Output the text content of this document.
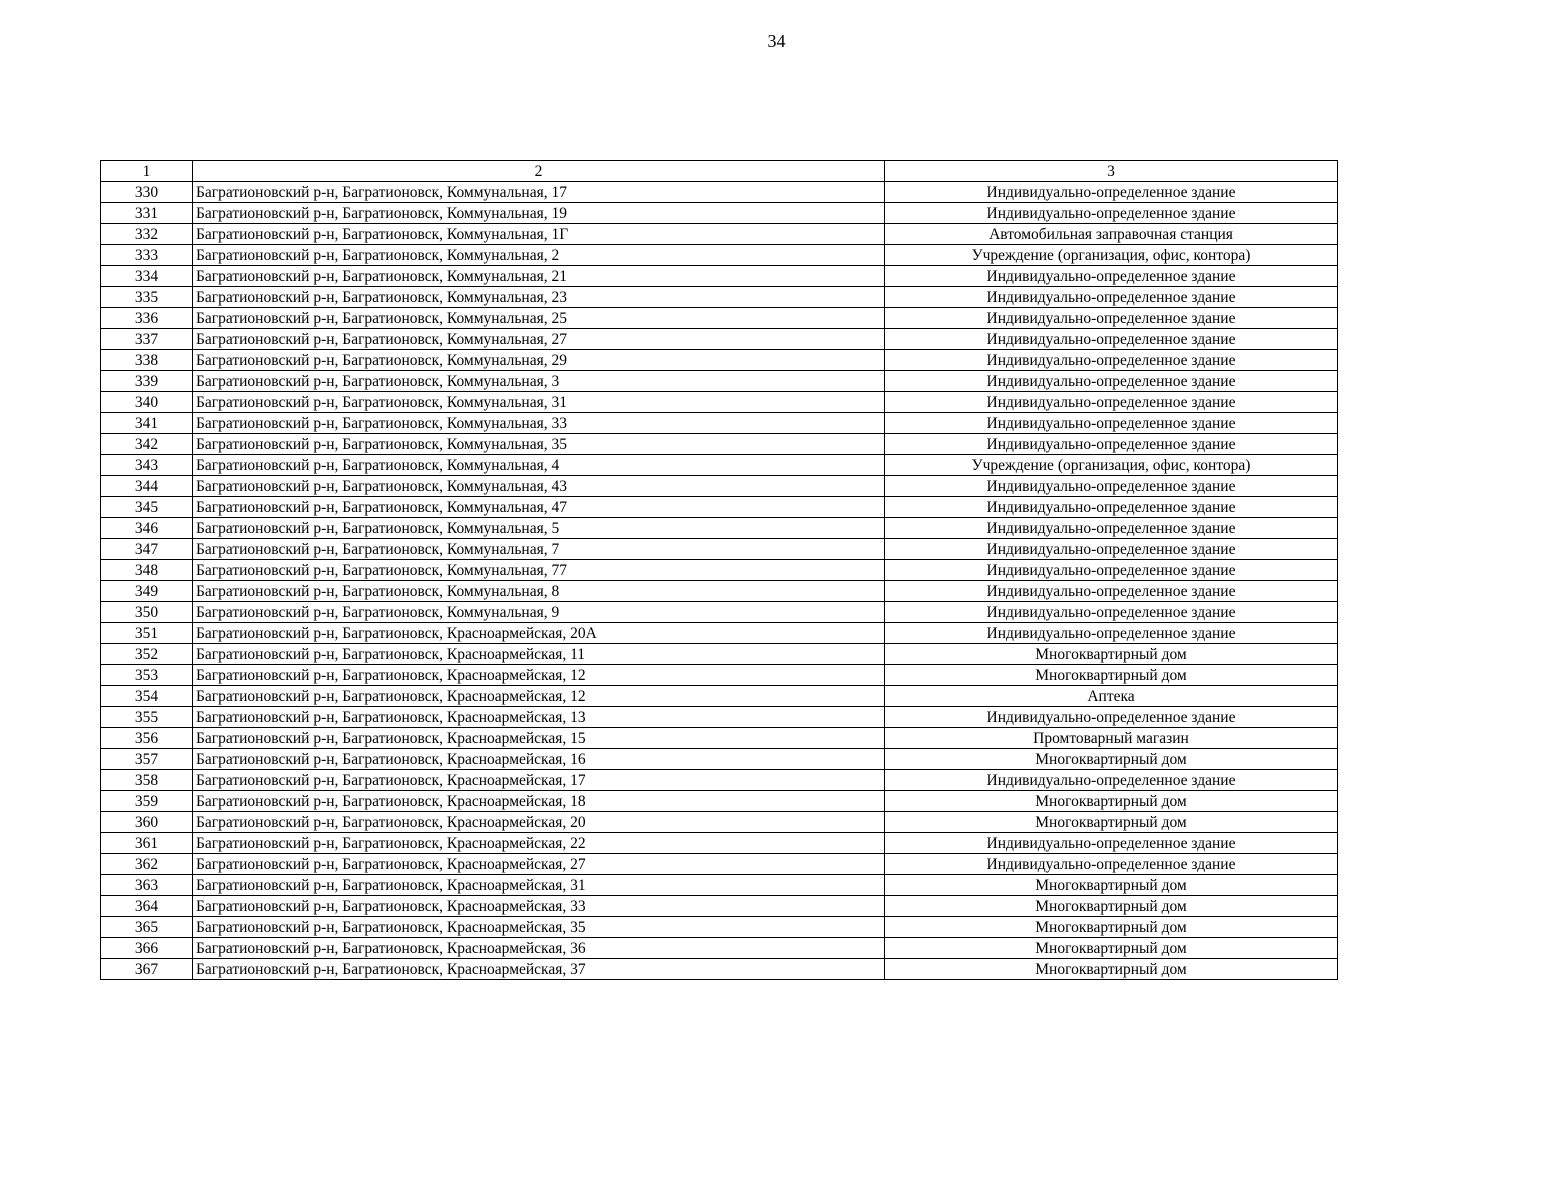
34
1	2	3
330	Багратионовский р-н, Багратионовск, Коммунальная, 17	Индивидуально-определенное здание
331	Багратионовский р-н, Багратионовск, Коммунальная, 19	Индивидуально-определенное здание
332	Багратионовский р-н, Багратионовск, Коммунальная, 1Г	Автомобильная заправочная станция
333	Багратионовский р-н, Багратионовск, Коммунальная, 2	Учреждение (организация, офис, контора)
334	Багратионовский р-н, Багратионовск, Коммунальная, 21	Индивидуально-определенное здание
335	Багратионовский р-н, Багратионовск, Коммунальная, 23	Индивидуально-определенное здание
336	Багратионовский р-н, Багратионовск, Коммунальная, 25	Индивидуально-определенное здание
337	Багратионовский р-н, Багратионовск, Коммунальная, 27	Индивидуально-определенное здание
338	Багратионовский р-н, Багратионовск, Коммунальная, 29	Индивидуально-определенное здание
339	Багратионовский р-н, Багратионовск, Коммунальная, 3	Индивидуально-определенное здание
340	Багратионовский р-н, Багратионовск, Коммунальная, 31	Индивидуально-определенное здание
341	Багратионовский р-н, Багратионовск, Коммунальная, 33	Индивидуально-определенное здание
342	Багратионовский р-н, Багратионовск, Коммунальная, 35	Индивидуально-определенное здание
343	Багратионовский р-н, Багратионовск, Коммунальная, 4	Учреждение (организация, офис, контора)
344	Багратионовский р-н, Багратионовск, Коммунальная, 43	Индивидуально-определенное здание
345	Багратионовский р-н, Багратионовск, Коммунальная, 47	Индивидуально-определенное здание
346	Багратионовский р-н, Багратионовск, Коммунальная, 5	Индивидуально-определенное здание
347	Багратионовский р-н, Багратионовск, Коммунальная, 7	Индивидуально-определенное здание
348	Багратионовский р-н, Багратионовск, Коммунальная, 77	Индивидуально-определенное здание
349	Багратионовский р-н, Багратионовск, Коммунальная, 8	Индивидуально-определенное здание
350	Багратионовский р-н, Багратионовск, Коммунальная, 9	Индивидуально-определенное здание
351	Багратионовский р-н, Багратионовск, Красноармейская, 20А	Индивидуально-определенное здание
352	Багратионовский р-н, Багратионовск, Красноармейская, 11	Многоквартирный дом
353	Багратионовский р-н, Багратионовск, Красноармейская, 12	Многоквартирный дом
354	Багратионовский р-н, Багратионовск, Красноармейская, 12	Аптека
355	Багратионовский р-н, Багратионовск, Красноармейская, 13	Индивидуально-определенное здание
356	Багратионовский р-н, Багратионовск, Красноармейская, 15	Промтоварный магазин
357	Багратионовский р-н, Багратионовск, Красноармейская, 16	Многоквартирный дом
358	Багратионовский р-н, Багратионовск, Красноармейская, 17	Индивидуально-определенное здание
359	Багратионовский р-н, Багратионовск, Красноармейская, 18	Многоквартирный дом
360	Багратионовский р-н, Багратионовск, Красноармейская, 20	Многоквартирный дом
361	Багратионовский р-н, Багратионовск, Красноармейская, 22	Индивидуально-определенное здание
362	Багратионовский р-н, Багратионовск, Красноармейская, 27	Индивидуально-определенное здание
363	Багратионовский р-н, Багратионовск, Красноармейская, 31	Многоквартирный дом
364	Багратионовский р-н, Багратионовск, Красноармейская, 33	Многоквартирный дом
365	Багратионовский р-н, Багратионовск, Красноармейская, 35	Многоквартирный дом
366	Багратионовский р-н, Багратионовск, Красноармейская, 36	Многоквартирный дом
367	Багратионовский р-н, Багратионовск, Красноармейская, 37	Многоквартирный дом
